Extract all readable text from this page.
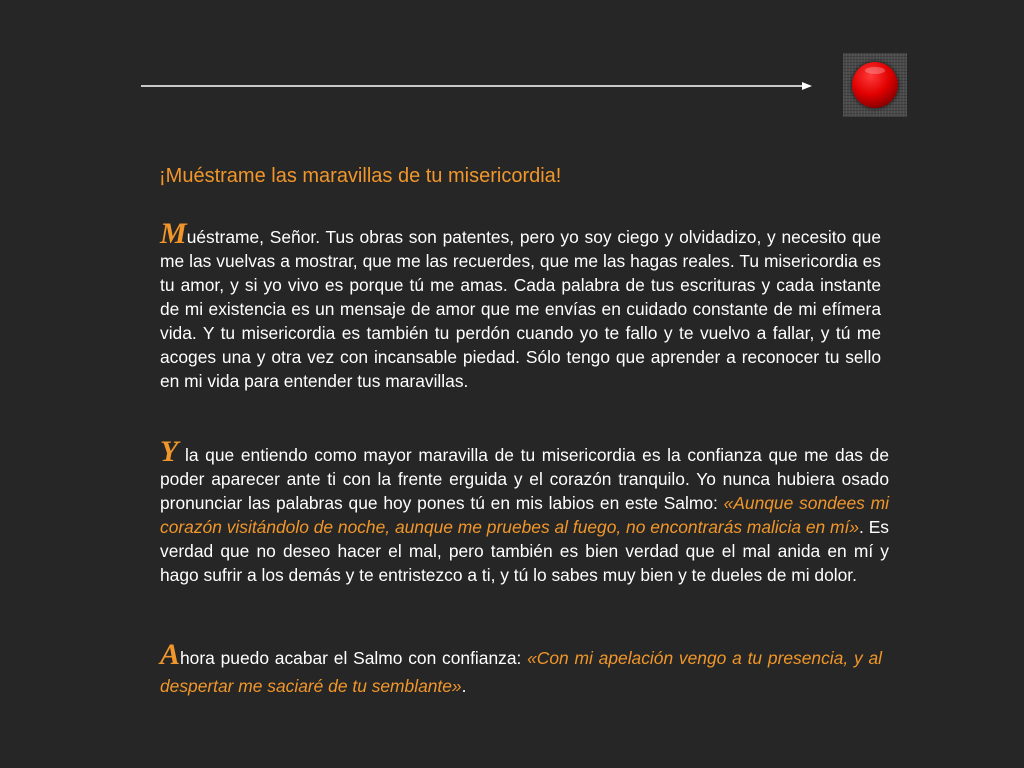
¡Muéstrame las maravillas de tu misericordia!

Muéstrame, Señor. Tus obras son patentes, pero yo soy ciego y olvidadizo, y necesito que me las vuelvas a mostrar, que me las recuerdes, que me las hagas reales. Tu misericordia es tu amor, y si yo vivo es porque tú me amas. Cada palabra de tus escrituras y cada instante de mi existencia es un mensaje de amor que me envías en cuidado constante de mi efímera vida. Y tu misericordia es también tu perdón cuando yo te fallo y te vuelvo a fallar, y tú me acoges una y otra vez con incansable piedad. Sólo tengo que aprender a reconocer tu sello en mi vida para entender tus maravillas.

Y la que entiendo como mayor maravilla de tu misericordia es la confianza que me das de poder aparecer ante ti con la frente erguida y el corazón tranquilo. Yo nunca hubiera osado pronunciar las palabras que hoy pones tú en mis labios en este Salmo: «Aunque sondees mi corazón visitándolo de noche, aunque me pruebes al fuego, no encontrarás malicia en mí». Es verdad que no deseo hacer el mal, pero también es bien verdad que el mal anida en mí y hago sufrir a los demás y te entristezco a ti, y tú lo sabes muy bien y te dueles de mi dolor.

Ahora puedo acabar el Salmo con confianza: «Con mi apelación vengo a tu presencia, y al despertar me saciaré de tu semblante».
